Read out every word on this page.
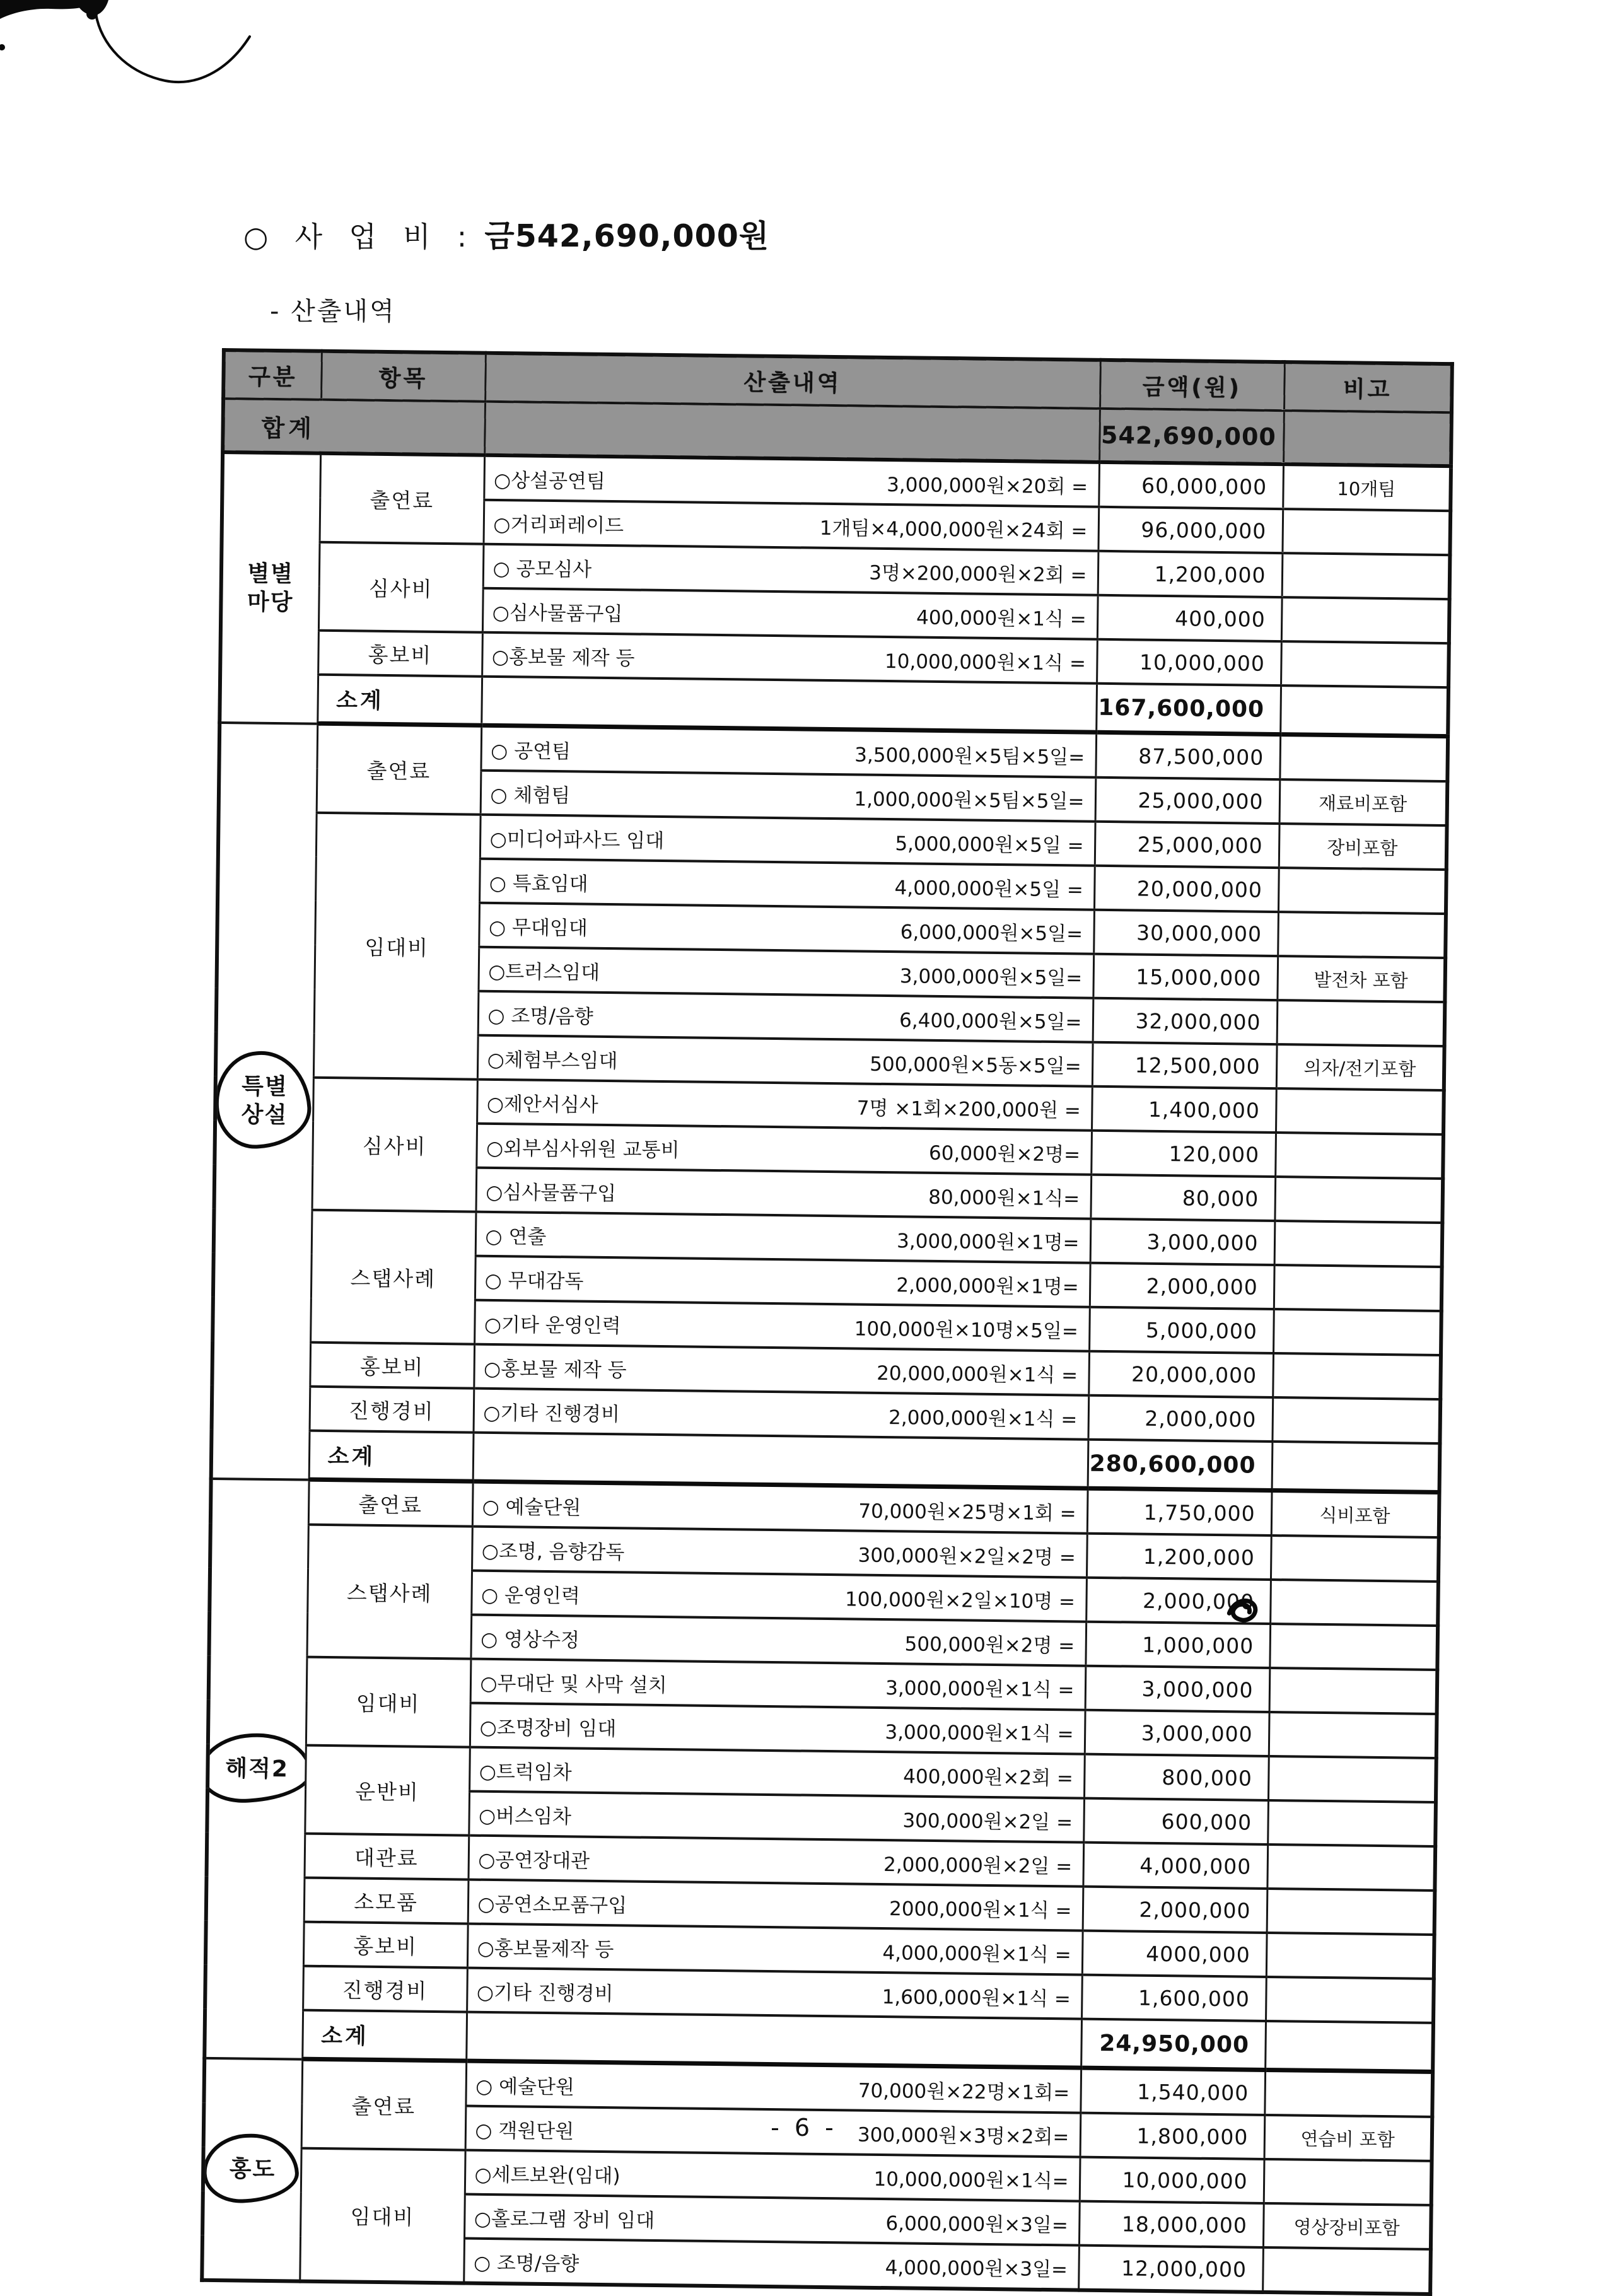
○ 사 업 비 : 금542,690,000원
- 산출내역
구분	항목	산출내역	금액(원)	비고
합계			542,690,000	
별별
마당	출연료	○상설공연팀 3,000,000원×20회 =	60,000,000	10개팀

		○거리퍼레이드 1개팀×4,000,000원×24회 =	96,000,000	
	심사비	○ 공모심사 3명×200,000원×2회 =	1,200,000	

		○심사물품구입 400,000원×1식 =	400,000	
	홍보비	○홍보물 제작 등 10,000,000원×1식 =	10,000,000	
	소계		167,600,000	
특별
상설	출연료	○ 공연팀 3,500,000원×5팀×5일=	87,500,000	

		○ 체험팀 1,000,000원×5팀×5일=	25,000,000	재료비포함
	임대비	○미디어파사드 임대 5,000,000원×5일 =	25,000,000	장비포함

		○ 특효임대 4,000,000원×5일 =	20,000,000	

		○ 무대임대 6,000,000원×5일=	30,000,000	

		○트러스임대 3,000,000원×5일=	15,000,000	발전차 포함

		○ 조명/음향 6,400,000원×5일=	32,000,000	

		○체험부스임대 500,000원×5동×5일=	12,500,000	의자/전기포함
	심사비	○제안서심사 7명 ×1회×200,000원 =	1,400,000	

		○외부심사위원 교통비 60,000원×2명=	120,000	

		○심사물품구입 80,000원×1식=	80,000	
	스탭사례	○ 연출 3,000,000원×1명=	3,000,000	

		○ 무대감독 2,000,000원×1명=	2,000,000	

		○기타 운영인력 100,000원×10명×5일=	5,000,000	
	홍보비	○홍보물 제작 등 20,000,000원×1식 =	20,000,000	
	진행경비	○기타 진행경비 2,000,000원×1식 =	2,000,000	
	소계		280,600,000	
해적2	출연료	○ 예술단원 70,000원×25명×1회 =	1,750,000	식비포함
	스탭사례	○조명, 음향감독 300,000원×2일×2명 =	1,200,000	

		○ 운영인력 100,000원×2일×10명 =	2,000,000	

		○ 영상수정 500,000원×2명 =	1,000,000	
	임대비	○무대단 및 사막 설치 3,000,000원×1식 =	3,000,000	

		○조명장비 임대 3,000,000원×1식 =	3,000,000	
	운반비	○트럭임차 400,000원×2회 =	800,000	

		○버스임차 300,000원×2일 =	600,000	
	대관료	○공연장대관 2,000,000원×2일 =	4,000,000	
	소모품	○공연소모품구입 2000,000원×1식 =	2,000,000	
	홍보비	○홍보물제작 등 4,000,000원×1식 =	4000,000	
	진행경비	○기타 진행경비 1,600,000원×1식 =	1,600,000	
	소계		24,950,000	
홍도	출연료	○ 예술단원 70,000원×22명×1회=	1,540,000	

		○ 객원단원 300,000원×3명×2회=	1,800,000	연습비 포함
	임대비	○세트보완(임대) 10,000,000원×1식=	10,000,000	

		○홀로그램 장비 임대 6,000,000원×3일=	18,000,000	영상장비포함

		○ 조명/음향 4,000,000원×3일=	12,000,000	
- 6 -
